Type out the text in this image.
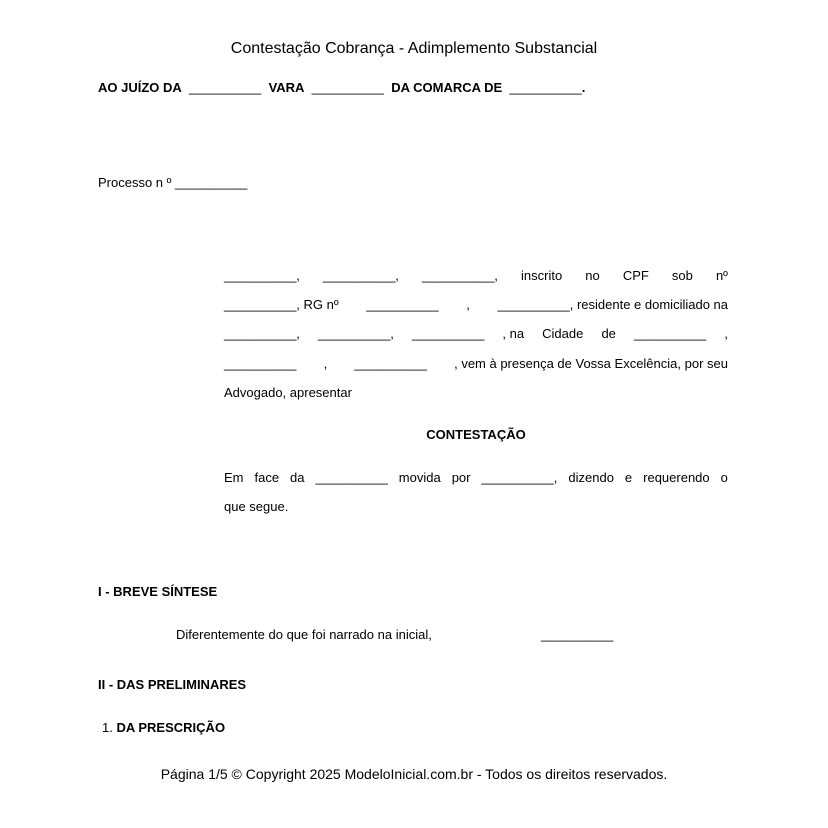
Contestação Cobrança - Adimplemento Substancial
AO JUÍZO DA __________ VARA __________ DA COMARCA DE __________.
Processo n º __________
__________, __________, __________, inscrito no CPF sob nº
__________, RG nº __________ , __________, residente e domiciliado na
__________, __________, __________ , na Cidade de __________ ,
__________ , __________ , vem à presença de Vossa Excelência, por seu
Advogado, apresentar
CONTESTAÇÃO
Em face da __________ movida por __________, dizendo e requerendo o
que segue.
I - BREVE SÍNTESE
Diferentemente do que foi narrado na inicial,	__________
II - DAS PRELIMINARES
1. DA PRESCRIÇÃO
Página 1/5 © Copyright 2025 ModeloInicial.com.br - Todos os direitos reservados.
